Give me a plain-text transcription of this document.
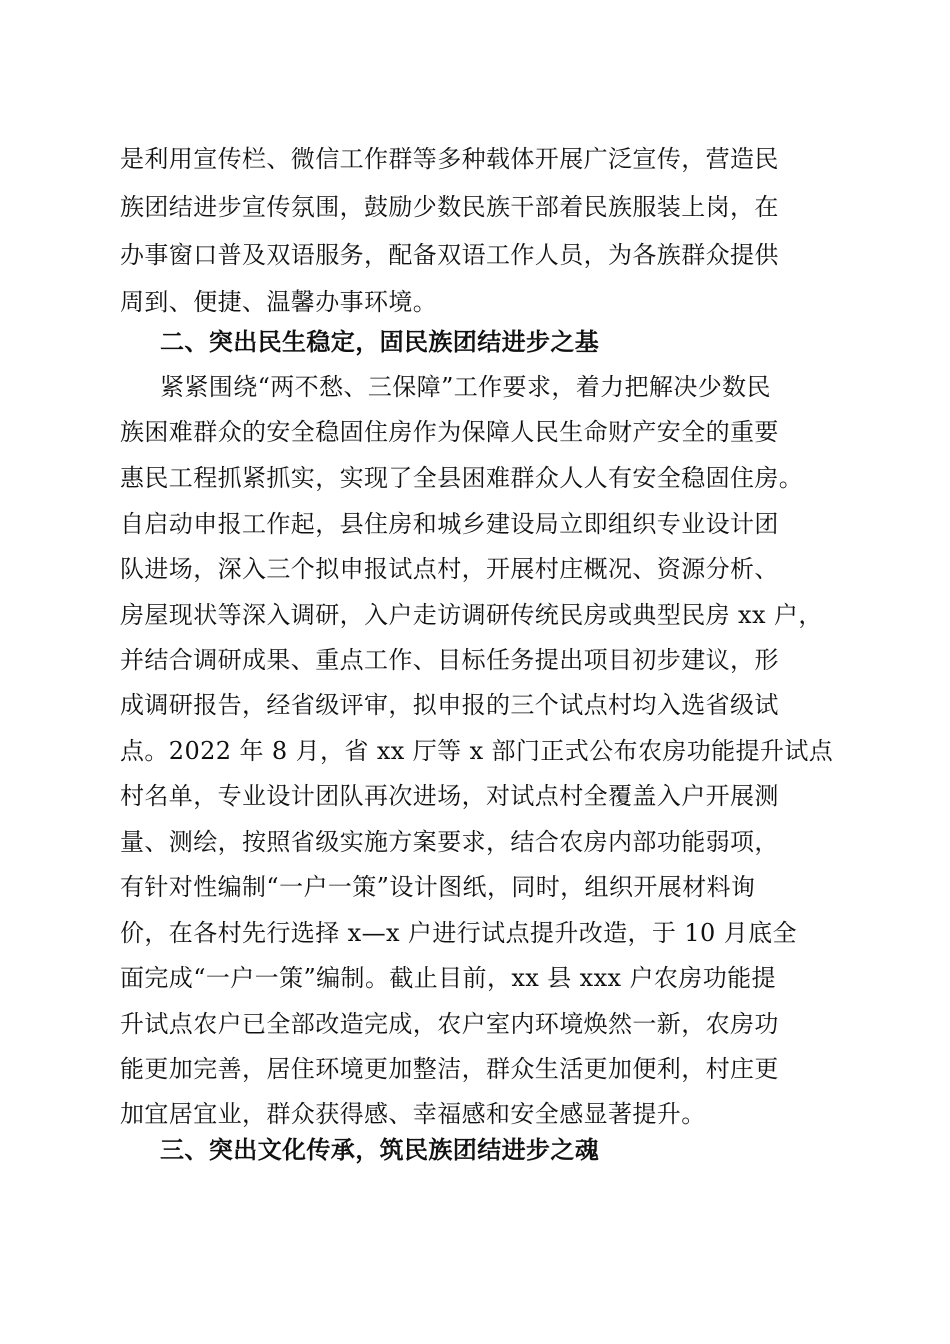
是利用宣传栏、微信工作群等多种载体开展广泛宣传，营造民
族团结进步宣传氛围，鼓励少数民族干部着民族服装上岗，在
办事窗口普及双语服务，配备双语工作人员，为各族群众提供
周到、便捷、温馨办事环境。
二、突出民生稳定，固民族团结进步之基
紧紧围绕“两不愁、三保障”工作要求，着力把解决少数民
族困难群众的安全稳固住房作为保障人民生命财产安全的重要
惠民工程抓紧抓实，实现了全县困难群众人人有安全稳固住房。
自启动申报工作起，县住房和城乡建设局立即组织专业设计团
队进场，深入三个拟申报试点村，开展村庄概况、资源分析、
房屋现状等深入调研，入户走访调研传统民房或典型民房 xx 户，
并结合调研成果、重点工作、目标任务提出项目初步建议，形
成调研报告，经省级评审，拟申报的三个试点村均入选省级试
点。2022 年 8 月，省 xx 厅等 x 部门正式公布农房功能提升试点
村名单，专业设计团队再次进场，对试点村全覆盖入户开展测
量、测绘，按照省级实施方案要求，结合农房内部功能弱项，
有针对性编制“一户一策”设计图纸，同时，组织开展材料询
价，在各村先行选择 x—x 户进行试点提升改造，于 10 月底全
面完成“一户一策”编制。截止目前，xx 县 xxx 户农房功能提
升试点农户已全部改造完成，农户室内环境焕然一新，农房功
能更加完善，居住环境更加整洁，群众生活更加便利，村庄更
加宜居宜业，群众获得感、幸福感和安全感显著提升。
三、突出文化传承，筑民族团结进步之魂
